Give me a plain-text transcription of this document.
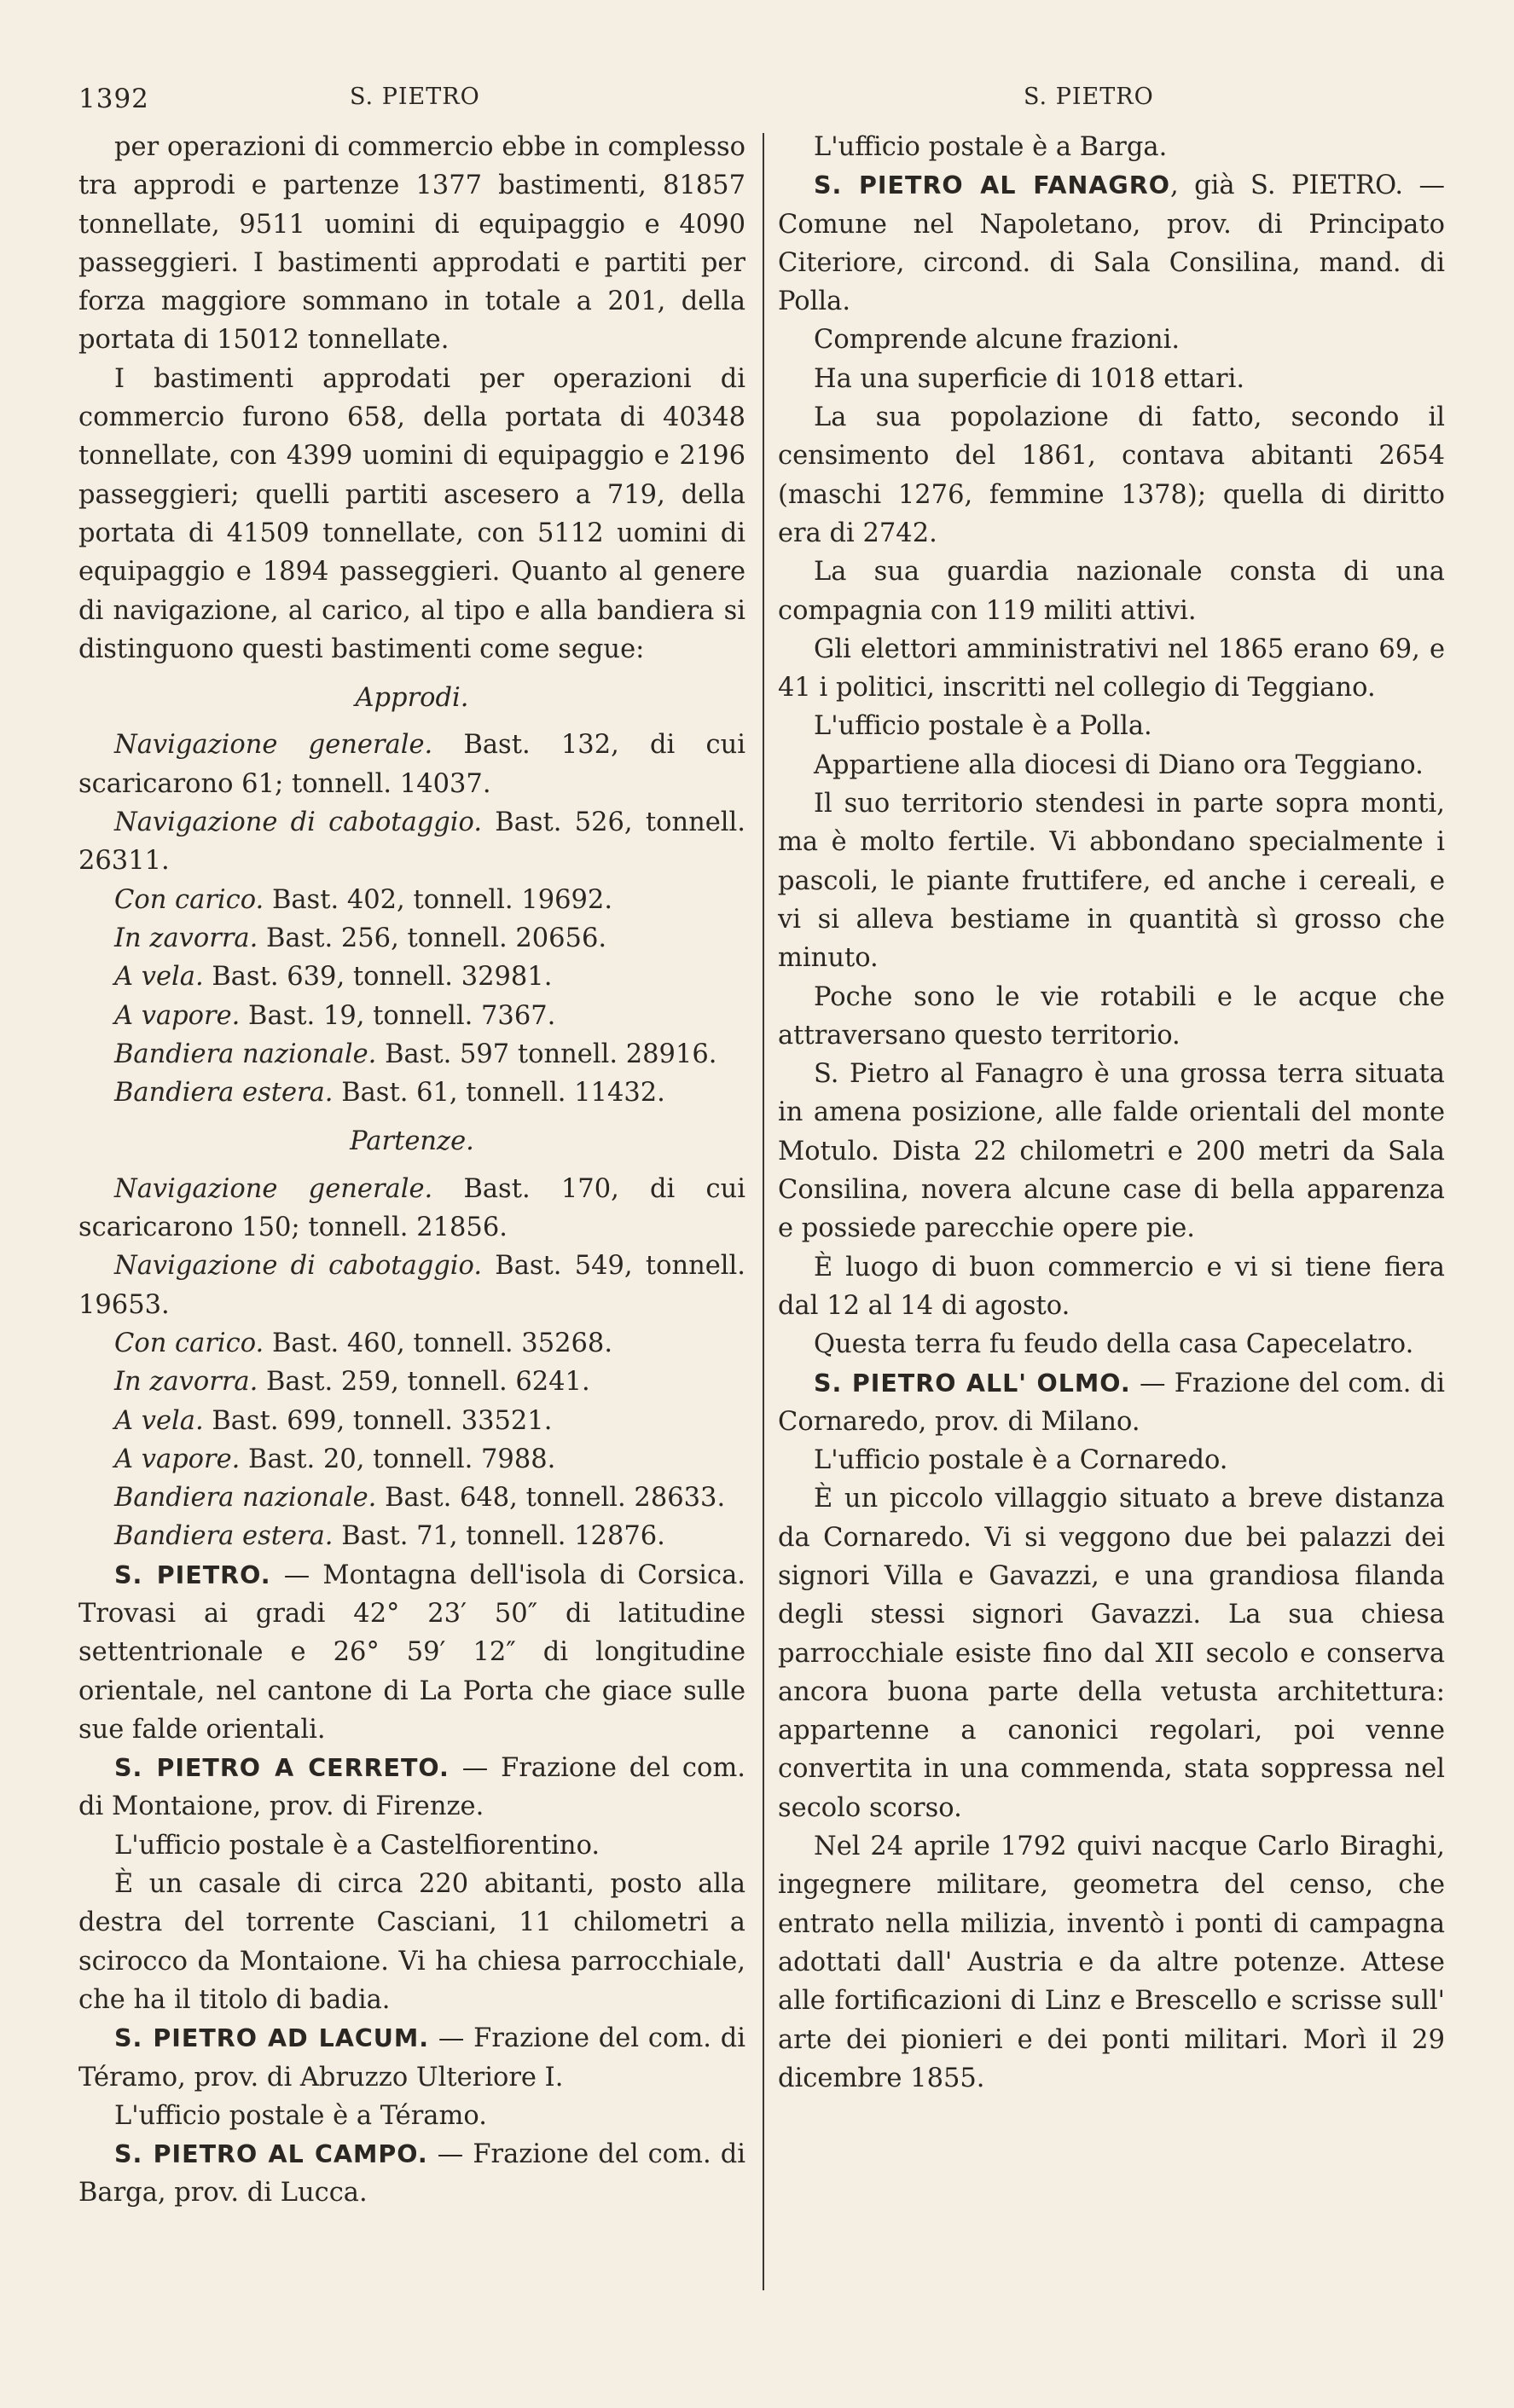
1392	S. PIETRO	S. PIETRO

per operazioni di commercio ebbe in complesso tra approdi e partenze 1377 bastimenti, 81857 tonnellate, 9511 uomini di equipaggio e 4090 passeggieri. I bastimenti approdati e partiti per forza maggiore sommano in totale a 201, della portata di 15012 tonnellate.

I bastimenti approdati per operazioni di commercio furono 658, della portata di 40348 tonnellate, con 4399 uomini di equipaggio e 2196 passeggieri; quelli partiti ascesero a 719, della portata di 41509 tonnellate, con 5112 uomini di equipaggio e 1894 passeggieri. Quanto al genere di navigazione, al carico, al tipo e alla bandiera si distinguono questi bastimenti come segue:

Approdi.

Navigazione generale. Bast. 132, di cui scaricarono 61; tonnell. 14037.

Navigazione di cabotaggio. Bast. 526, tonnell. 26311.

Con carico. Bast. 402, tonnell. 19692.

In zavorra. Bast. 256, tonnell. 20656.

A vela. Bast. 639, tonnell. 32981.

A vapore. Bast. 19, tonnell. 7367.

Bandiera nazionale. Bast. 597 tonnell. 28916.

Bandiera estera. Bast. 61, tonnell. 11432.

Partenze.

Navigazione generale. Bast. 170, di cui scaricarono 150; tonnell. 21856.

Navigazione di cabotaggio. Bast. 549, tonnell. 19653.

Con carico. Bast. 460, tonnell. 35268.

In zavorra. Bast. 259, tonnell. 6241.

A vela. Bast. 699, tonnell. 33521.

A vapore. Bast. 20, tonnell. 7988.

Bandiera nazionale. Bast. 648, tonnell. 28633.

Bandiera estera. Bast. 71, tonnell. 12876.

S. PIETRO. — Montagna dell'isola di Corsica. Trovasi ai gradi 42° 23′ 50″ di latitudine settentrionale e 26° 59′ 12″ di longitudine orientale, nel cantone di La Porta che giace sulle sue falde orientali.

S. PIETRO A CERRETO. — Frazione del com. di Montaione, prov. di Firenze.

L'ufficio postale è a Castelfiorentino.

È un casale di circa 220 abitanti, posto alla destra del torrente Casciani, 11 chilometri a scirocco da Montaione. Vi ha chiesa parrocchiale, che ha il titolo di badia.

S. PIETRO AD LACUM. — Frazione del com. di Téramo, prov. di Abruzzo Ulteriore I.

L'ufficio postale è a Téramo.

S. PIETRO AL CAMPO. — Frazione del com. di Barga, prov. di Lucca.

L'ufficio postale è a Barga.

S. PIETRO AL FANAGRO, già S. PIETRO. — Comune nel Napoletano, prov. di Principato Citeriore, circond. di Sala Consilina, mand. di Polla.

Comprende alcune frazioni.

Ha una superficie di 1018 ettari.

La sua popolazione di fatto, secondo il censimento del 1861, contava abitanti 2654 (maschi 1276, femmine 1378); quella di diritto era di 2742.

La sua guardia nazionale consta di una compagnia con 119 militi attivi.

Gli elettori amministrativi nel 1865 erano 69, e 41 i politici, inscritti nel collegio di Teggiano.

L'ufficio postale è a Polla.

Appartiene alla diocesi di Diano ora Teggiano.

Il suo territorio stendesi in parte sopra monti, ma è molto fertile. Vi abbondano specialmente i pascoli, le piante fruttifere, ed anche i cereali, e vi si alleva bestiame in quantità sì grosso che minuto.

Poche sono le vie rotabili e le acque che attraversano questo territorio.

S. Pietro al Fanagro è una grossa terra situata in amena posizione, alle falde orientali del monte Motulo. Dista 22 chilometri e 200 metri da Sala Consilina, novera alcune case di bella apparenza e possiede parecchie opere pie.

È luogo di buon commercio e vi si tiene fiera dal 12 al 14 di agosto.

Questa terra fu feudo della casa Capecelatro.

S. PIETRO ALL' OLMO. — Frazione del com. di Cornaredo, prov. di Milano.

L'ufficio postale è a Cornaredo.

È un piccolo villaggio situato a breve distanza da Cornaredo. Vi si veggono due bei palazzi dei signori Villa e Gavazzi, e una grandiosa filanda degli stessi signori Gavazzi. La sua chiesa parrocchiale esiste fino dal XII secolo e conserva ancora buona parte della vetusta architettura: appartenne a canonici regolari, poi venne convertita in una commenda, stata soppressa nel secolo scorso.

Nel 24 aprile 1792 quivi nacque Carlo Biraghi, ingegnere militare, geometra del censo, che entrato nella milizia, inventò i ponti di campagna adottati dall' Austria e da altre potenze. Attese alle fortificazioni di Linz e Brescello e scrisse sull' arte dei pionieri e dei ponti militari. Morì il 29 dicembre 1855.
